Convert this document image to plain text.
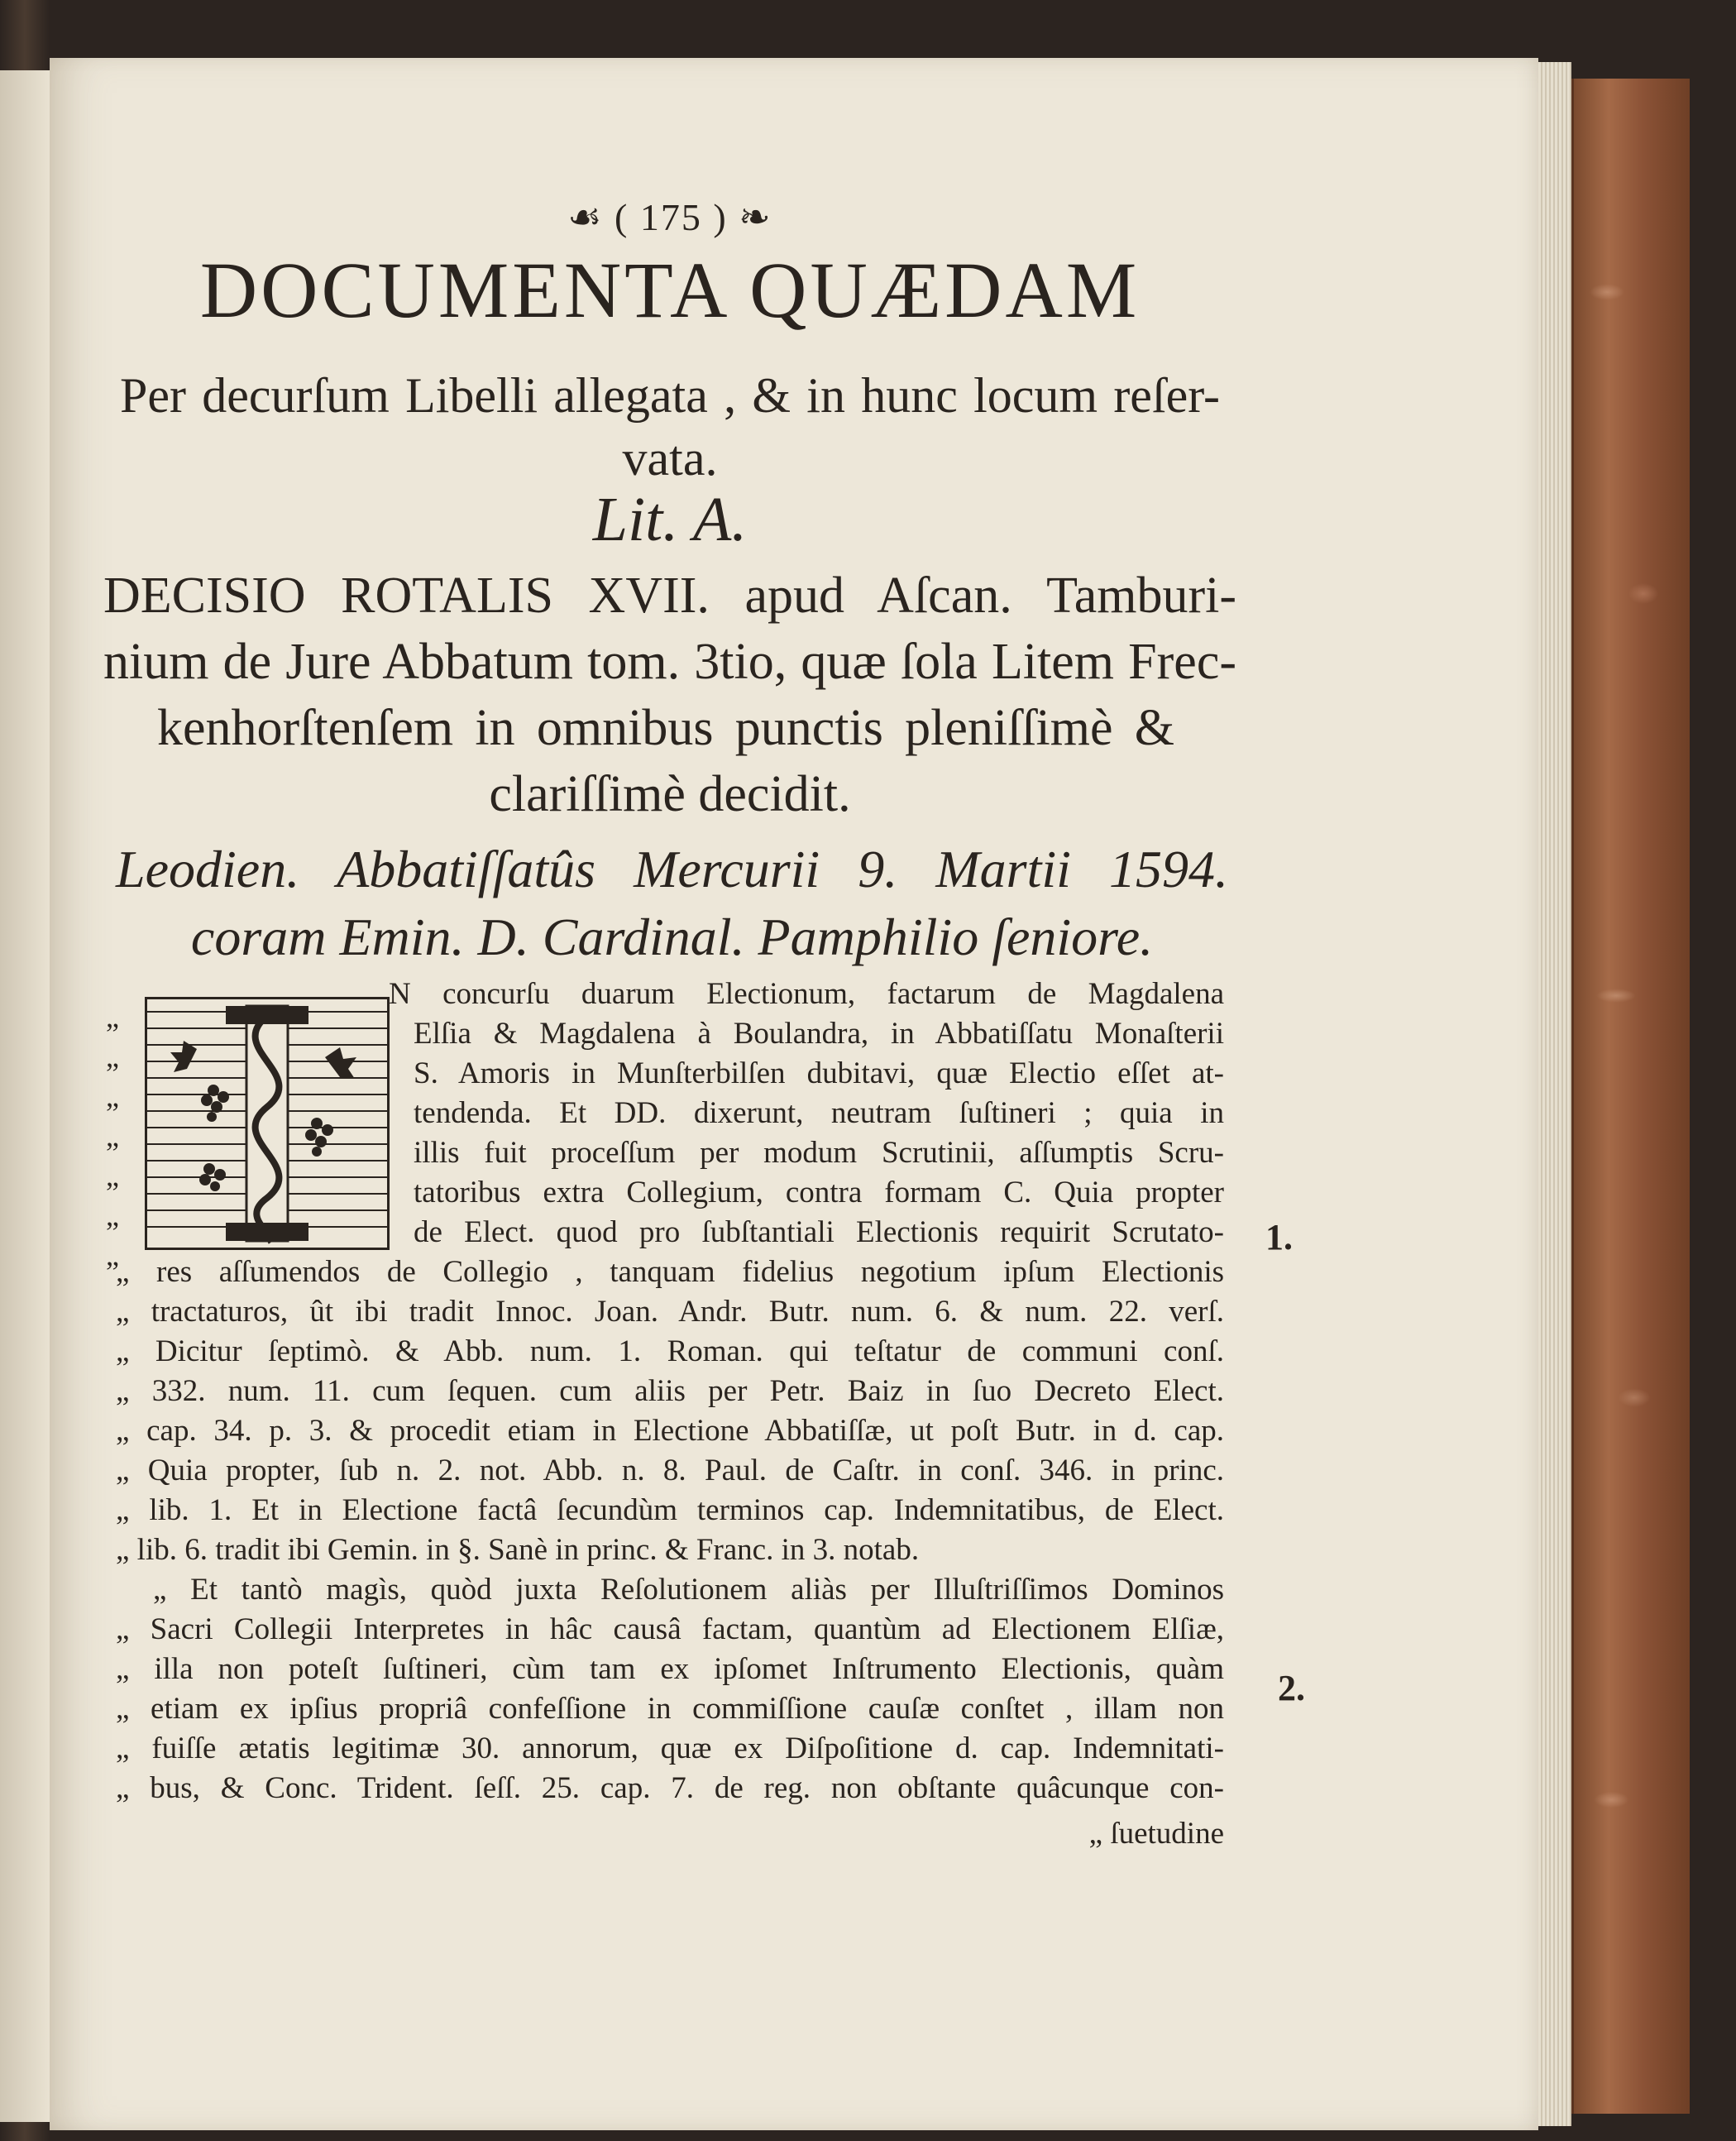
☙ ( 175 ) ❧
DOCUMENTA QUÆDAM
Per decurſum Libelli allegata , & in hunc locum reſer-
vata.
Lit. A.
DECISIO ROTALIS XVII. apud Aſcan. Tamburi-
nium de Jure Abbatum tom. 3tio, quæ ſola Litem Frec-
kenhorſtenſem in omnibus punctis pleniſſimè &
clariſſimè decidit.
Leodien. Abbatiſſatûs Mercurii 9. Martii 1594.
coram Emin. D. Cardinal. Pamphilio ſeniore.
„
„
„
„
„
„
„
N concurſu duarum Electionum, factarum de Magdalena
Elſia & Magdalena à Boulandra, in Abbatiſſatu Monaſterii
S. Amoris in Munſterbilſen dubitavi, quæ Electio eſſet at-
tendenda. Et DD. dixerunt, neutram ſuſtineri ; quia in
illis fuit proceſſum per modum Scrutinii, aſſumptis Scru-
tatoribus extra Collegium, contra formam C. Quia propter
de Elect. quod pro ſubſtantiali Electionis requirit Scrutato- 1.
„ res aſſumendos de Collegio , tanquam fidelius negotium ipſum Electionis
„ tractaturos, ût ibi tradit Innoc. Joan. Andr. Butr. num. 6. & num. 22. verſ.
„ Dicitur ſeptimò. & Abb. num. 1. Roman. qui teſtatur de communi conſ.
„ 332. num. 11. cum ſequen. cum aliis per Petr. Baiz in ſuo Decreto Elect.
„ cap. 34. p. 3. & procedit etiam in Electione Abbatiſſæ, ut poſt Butr. in d. cap.
„ Quia propter, ſub n. 2. not. Abb. n. 8. Paul. de Caſtr. in conſ. 346. in princ.
„ lib. 1. Et in Electione factâ ſecundùm terminos cap. Indemnitatibus, de Elect.
„ lib. 6. tradit ibi Gemin. in §. Sanè in princ. & Franc. in 3. notab.
„ Et tantò magìs, quòd juxta Reſolutionem aliàs per Illuſtriſſimos Dominos
„ Sacri Collegii Interpretes in hâc causâ factam, quantùm ad Electionem Elſiæ,
„ illa non poteſt ſuſtineri, cùm tam ex ipſomet Inſtrumento Electionis, quàm
„ etiam ex ipſius propriâ confeſſione in commiſſione cauſæ conſtet , illam non
„ fuiſſe ætatis legitimæ 30. annorum, quæ ex Diſpoſitione d. cap. Indemnitati-
„ bus, & Conc. Trident. ſeſſ. 25. cap. 7. de reg. non obſtante quâcunque con-
2.
„ ſuetudine
